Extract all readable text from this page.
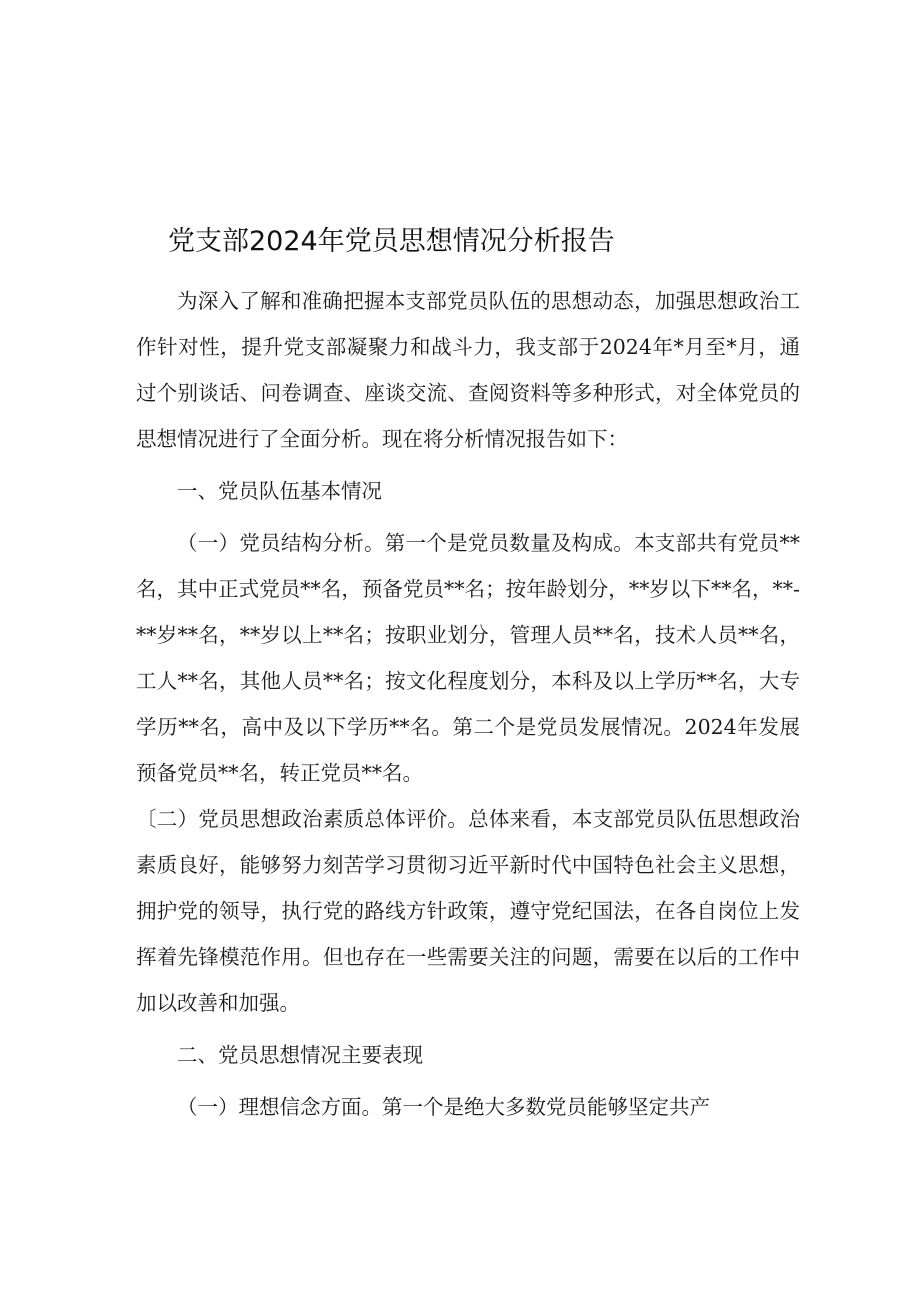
党支部2024年党员思想情况分析报告

为深入了解和准确把握本支部党员队伍的思想动态，加强思想政治工作针对性，提升党支部凝聚力和战斗力，我支部于2024年*月至*月，通过个别谈话、问卷调查、座谈交流、查阅资料等多种形式，对全体党员的思想情况进行了全面分析。现在将分析情况报告如下：

一、党员队伍基本情况

（一）党员结构分析。第一个是党员数量及构成。本支部共有党员**名，其中正式党员**名，预备党员**名；按年龄划分，**岁以下**名，**-**岁**名，**岁以上**名；按职业划分，管理人员**名，技术人员**名，工人**名，其他人员**名；按文化程度划分，本科及以上学历**名，大专学历**名，高中及以下学历**名。第二个是党员发展情况。2024年发展预备党员**名，转正党员**名。

〔二）党员思想政治素质总体评价。总体来看，本支部党员队伍思想政治素质良好，能够努力刻苦学习贯彻习近平新时代中国特色社会主义思想，拥护党的领导，执行党的路线方针政策，遵守党纪国法，在各自岗位上发挥着先锋模范作用。但也存在一些需要关注的问题，需要在以后的工作中加以改善和加强。

二、党员思想情况主要表现

（一）理想信念方面。第一个是绝大多数党员能够坚定共产
